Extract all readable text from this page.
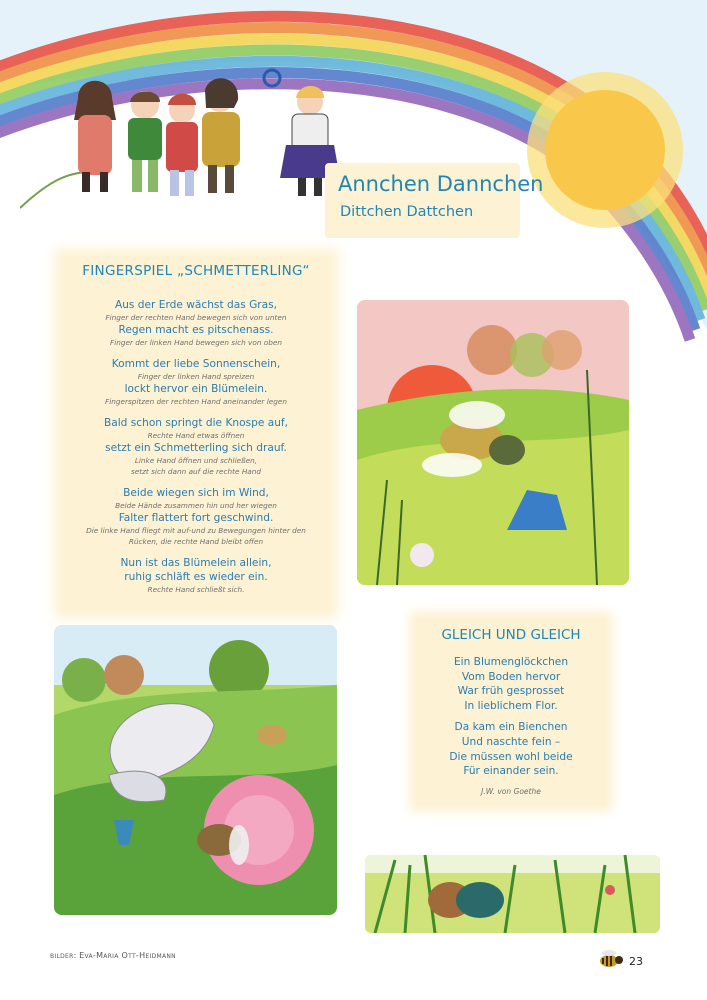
Annchen Dannchen
Dittchen Dattchen
FINGERSPIEL „SCHMETTERLING“
Aus der Erde wächst das Gras,
Finger der rechten Hand bewegen sich von unten
Regen macht es pitschenass.
Finger der linken Hand bewegen sich von oben
Kommt der liebe Sonnenschein,
Finger der linken Hand spreizen
lockt hervor ein Blümelein.
Fingerspitzen der rechten Hand aneinander legen
Bald schon springt die Knospe auf,
Rechte Hand etwas öffnen
setzt ein Schmetterling sich drauf.
Linke Hand öffnen und schließen,
setzt sich dann auf die rechte Hand
Beide wiegen sich im Wind,
Beide Hände zusammen hin und her wiegen
Falter flattert fort geschwind.
Die linke Hand fliegt mit auf-und zu Bewegungen hinter den
Rücken, die rechte Hand bleibt offen
Nun ist das Blümelein allein,
ruhig schläft es wieder ein.
Rechte Hand schließt sich.
GLEICH UND GLEICH
Ein Blumenglöckchen
Vom Boden hervor
War früh gesprosset
In lieblichem Flor.
Da kam ein Bienchen
Und naschte fein –
Die müssen wohl beide
Für einander sein.
J.W. von Goethe
bilder: Eva-Maria Ott-Heidmann	23
